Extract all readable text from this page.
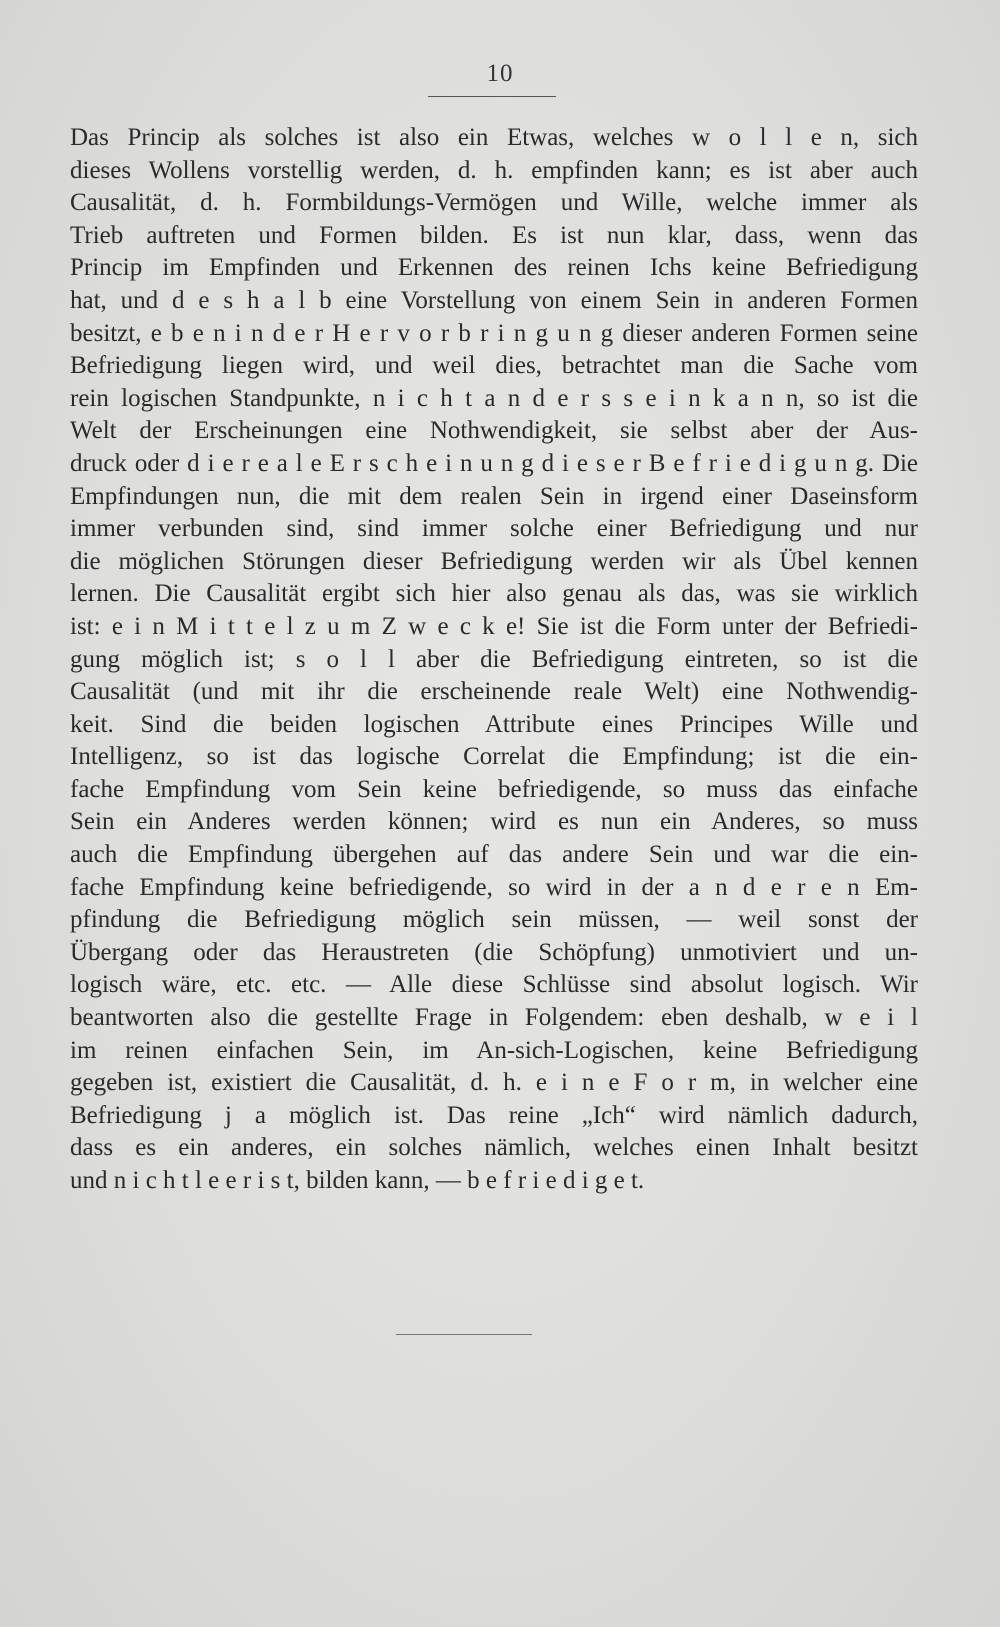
10
Das Princip als solches ist also ein Etwas, welches w o l l e n, sich
dieses Wollens vorstellig werden, d. h. empfinden kann; es ist aber auch
Causalität, d. h. Formbildungs-Vermögen und Wille, welche immer als
Trieb auftreten und Formen bilden. Es ist nun klar, dass, wenn das
Princip im Empfinden und Erkennen des reinen Ichs keine Befriedigung
hat, und d e s h a l b eine Vorstellung von einem Sein in anderen Formen
besitzt, e b e n i n d e r H e r v o r b r i n g u n g dieser anderen Formen seine
Befriedigung liegen wird, und weil dies, betrachtet man die Sache vom
rein logischen Standpunkte, n i c h t a n d e r s s e i n k a n n, so ist die
Welt der Erscheinungen eine Nothwendigkeit, sie selbst aber der Aus-
druck oder d i e r e a l e E r s c h e i n u n g d i e s e r B e f r i e d i g u n g. Die
Empfindungen nun, die mit dem realen Sein in irgend einer Daseinsform
immer verbunden sind, sind immer solche einer Befriedigung und nur
die möglichen Störungen dieser Befriedigung werden wir als Übel kennen
lernen. Die Causalität ergibt sich hier also genau als das, was sie wirklich
ist: e i n M i t t e l z u m Z w e c k e! Sie ist die Form unter der Befriedi-
gung möglich ist; s o l l aber die Befriedigung eintreten, so ist die
Causalität (und mit ihr die erscheinende reale Welt) eine Nothwendig-
keit. Sind die beiden logischen Attribute eines Principes Wille und
Intelligenz, so ist das logische Correlat die Empfindung; ist die ein-
fache Empfindung vom Sein keine befriedigende, so muss das einfache
Sein ein Anderes werden können; wird es nun ein Anderes, so muss
auch die Empfindung übergehen auf das andere Sein und war die ein-
fache Empfindung keine befriedigende, so wird in der a n d e r e n Em-
pfindung die Befriedigung möglich sein müssen, — weil sonst der
Übergang oder das Heraustreten (die Schöpfung) unmotiviert und un-
logisch wäre, etc. etc. — Alle diese Schlüsse sind absolut logisch. Wir
beantworten also die gestellte Frage in Folgendem: eben deshalb, w e i l
im reinen einfachen Sein, im An-sich-Logischen, keine Befriedigung
gegeben ist, existiert die Causalität, d. h. e i n e F o r m, in welcher eine
Befriedigung j a möglich ist. Das reine „Ich“ wird nämlich dadurch,
dass es ein anderes, ein solches nämlich, welches einen Inhalt besitzt
und n i c h t l e e r i s t, bilden kann, — b e f r i e d i g e t.
